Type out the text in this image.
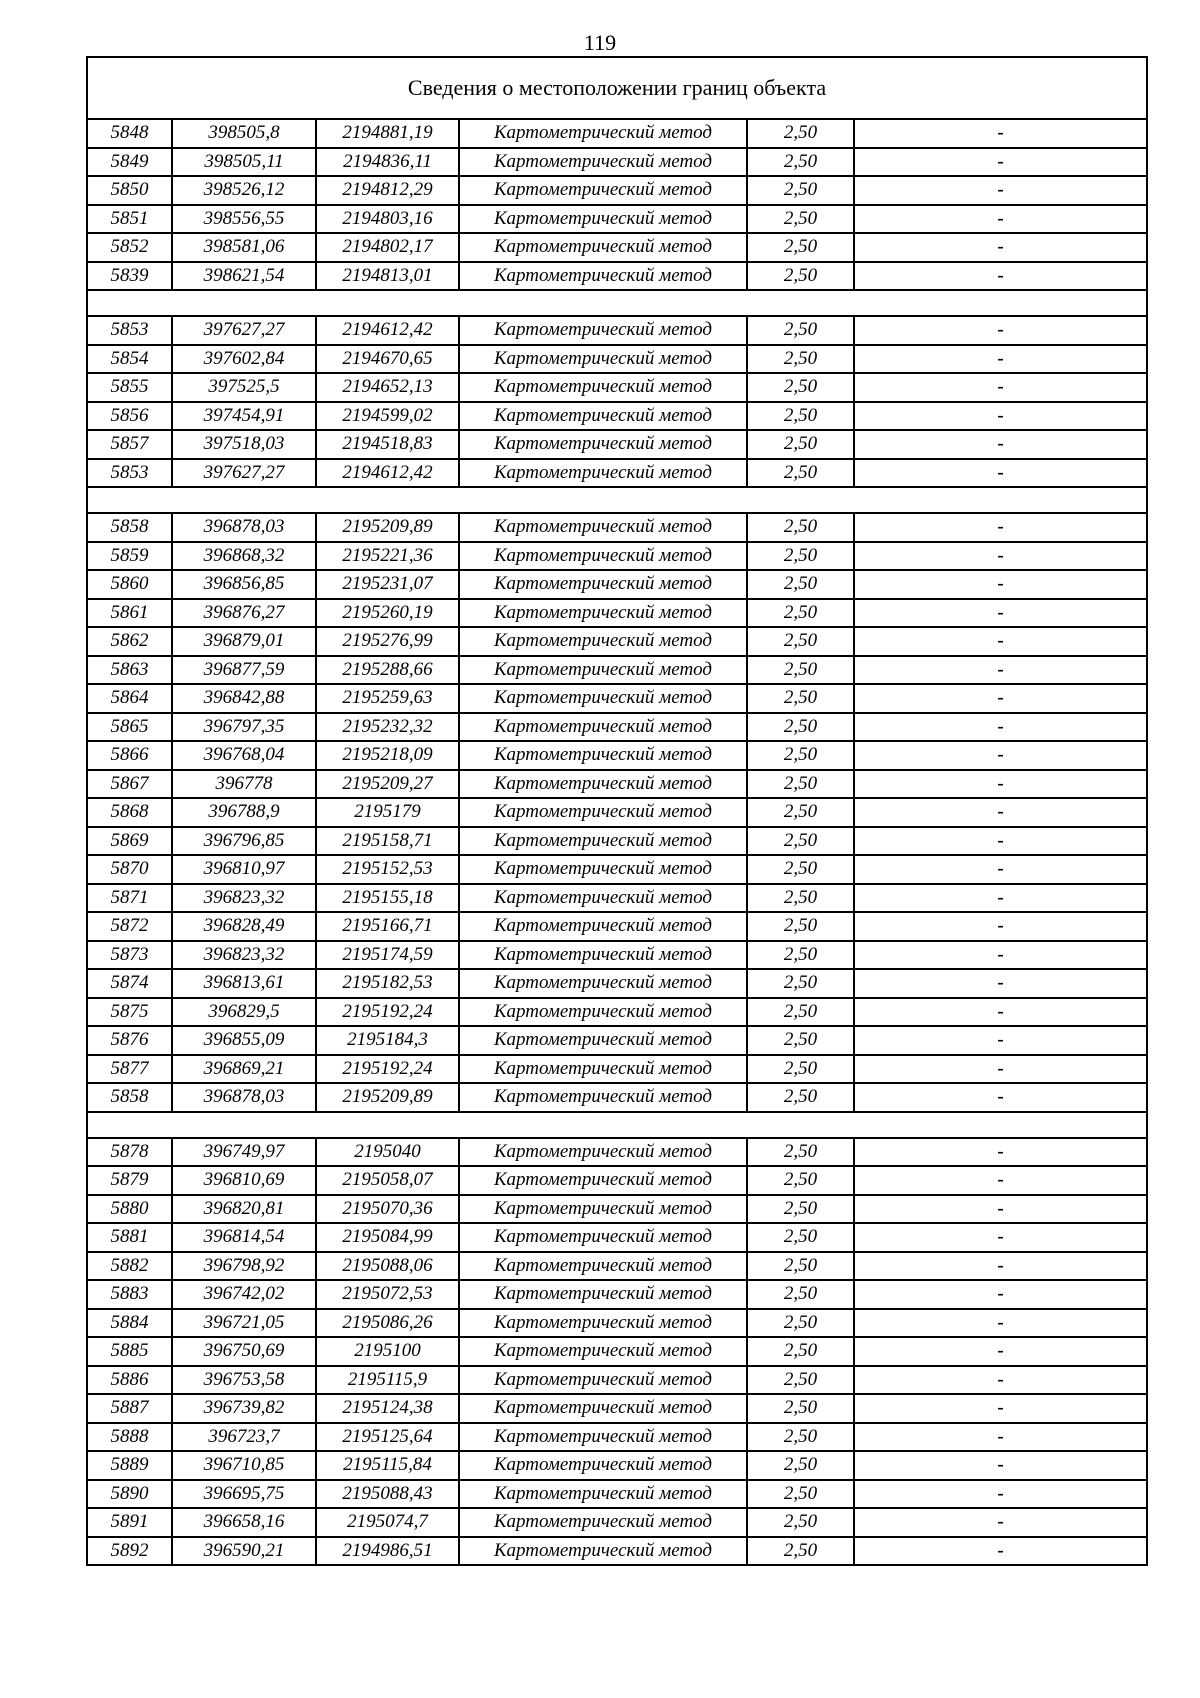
119
Сведения о местоположении границ объекта
5848	398505,8	2194881,19	Картометрический метод	2,50	-
5849	398505,11	2194836,11	Картометрический метод	2,50	-
5850	398526,12	2194812,29	Картометрический метод	2,50	-
5851	398556,55	2194803,16	Картометрический метод	2,50	-
5852	398581,06	2194802,17	Картометрический метод	2,50	-
5839	398621,54	2194813,01	Картометрический метод	2,50	-

5853	397627,27	2194612,42	Картометрический метод	2,50	-
5854	397602,84	2194670,65	Картометрический метод	2,50	-
5855	397525,5	2194652,13	Картометрический метод	2,50	-
5856	397454,91	2194599,02	Картометрический метод	2,50	-
5857	397518,03	2194518,83	Картометрический метод	2,50	-
5853	397627,27	2194612,42	Картометрический метод	2,50	-

5858	396878,03	2195209,89	Картометрический метод	2,50	-
5859	396868,32	2195221,36	Картометрический метод	2,50	-
5860	396856,85	2195231,07	Картометрический метод	2,50	-
5861	396876,27	2195260,19	Картометрический метод	2,50	-
5862	396879,01	2195276,99	Картометрический метод	2,50	-
5863	396877,59	2195288,66	Картометрический метод	2,50	-
5864	396842,88	2195259,63	Картометрический метод	2,50	-
5865	396797,35	2195232,32	Картометрический метод	2,50	-
5866	396768,04	2195218,09	Картометрический метод	2,50	-
5867	396778	2195209,27	Картометрический метод	2,50	-
5868	396788,9	2195179	Картометрический метод	2,50	-
5869	396796,85	2195158,71	Картометрический метод	2,50	-
5870	396810,97	2195152,53	Картометрический метод	2,50	-
5871	396823,32	2195155,18	Картометрический метод	2,50	-
5872	396828,49	2195166,71	Картометрический метод	2,50	-
5873	396823,32	2195174,59	Картометрический метод	2,50	-
5874	396813,61	2195182,53	Картометрический метод	2,50	-
5875	396829,5	2195192,24	Картометрический метод	2,50	-
5876	396855,09	2195184,3	Картометрический метод	2,50	-
5877	396869,21	2195192,24	Картометрический метод	2,50	-
5858	396878,03	2195209,89	Картометрический метод	2,50	-

5878	396749,97	2195040	Картометрический метод	2,50	-
5879	396810,69	2195058,07	Картометрический метод	2,50	-
5880	396820,81	2195070,36	Картометрический метод	2,50	-
5881	396814,54	2195084,99	Картометрический метод	2,50	-
5882	396798,92	2195088,06	Картометрический метод	2,50	-
5883	396742,02	2195072,53	Картометрический метод	2,50	-
5884	396721,05	2195086,26	Картометрический метод	2,50	-
5885	396750,69	2195100	Картометрический метод	2,50	-
5886	396753,58	2195115,9	Картометрический метод	2,50	-
5887	396739,82	2195124,38	Картометрический метод	2,50	-
5888	396723,7	2195125,64	Картометрический метод	2,50	-
5889	396710,85	2195115,84	Картометрический метод	2,50	-
5890	396695,75	2195088,43	Картометрический метод	2,50	-
5891	396658,16	2195074,7	Картометрический метод	2,50	-
5892	396590,21	2194986,51	Картометрический метод	2,50	-
